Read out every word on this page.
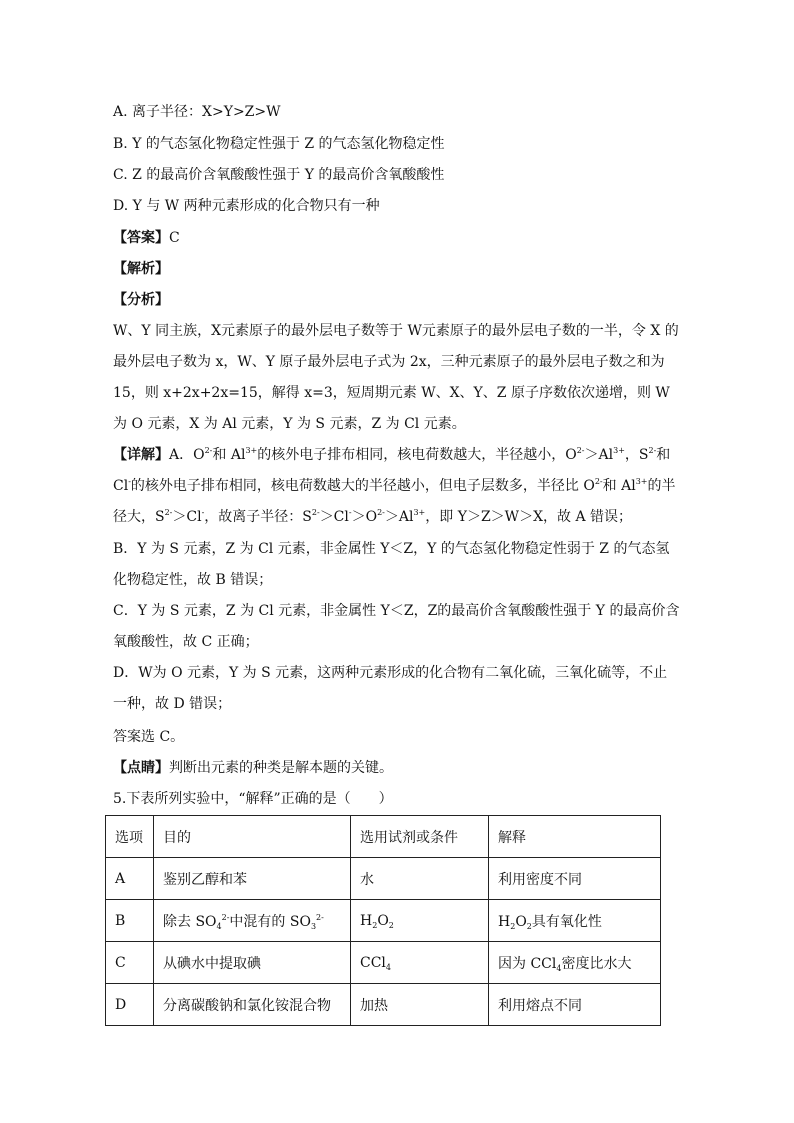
A. 离子半径：X>Y>Z>W
B. Y 的气态氢化物稳定性强于 Z 的气态氢化物稳定性
C. Z 的最高价含氧酸酸性强于 Y 的最高价含氧酸酸性
D. Y 与 W 两种元素形成的化合物只有一种
【答案】C
【解析】
【分析】
W、Y 同主族，X元素原子的最外层电子数等于 W元素原子的最外层电子数的一半，令 X 的最外层电子数为 x，W、Y 原子最外层电子式为 2x，三种元素原子的最外层电子数之和为 15，则 x+2x+2x=15，解得 x=3，短周期元素 W、X、Y、Z 原子序数依次递增，则 W为 O 元素，X 为 Al 元素，Y 为 S 元素，Z 为 Cl 元素。
【详解】A．$O^{2-}$和 $Al^{3+}$的核外电子排布相同，核电荷数越大，半径越小，$O^{2-}>Al^{3+}$，$S^{2-}$和 Cl-的核外电子排布相同，核电荷数越大的半径越小，但电子层数多，半径比 $O^{2-}$和 $Al^{3+}$的半径大，$S^{2-}>Cl^-$，故离子半径：$S^{2-}>Cl^->O^{2-}>Al^{3+}$，即 Y＞Z＞W＞X，故 A 错误；
B．Y 为 S 元素，Z 为 Cl 元素，非金属性 Y＜Z，Y 的气态氢化物稳定性弱于 Z 的气态氢化物稳定性，故 B 错误；
C．Y 为 S 元素，Z 为 Cl 元素，非金属性 Y＜Z，Z的最高价含氧酸酸性强于 Y 的最高价含氧酸酸性，故 C 正确；
D．W为 O 元素，Y 为 S 元素，这两种元素形成的化合物有二氧化硫，三氧化硫等，不止一种，故 D 错误；
答案选 C。
【点睛】判断出元素的种类是解本题的关键。
5.下表所列实验中，“解释”正确的是（　　）
选项	目的	选用试剂或条件	解释
A	鉴别乙醇和苯	水	利用密度不同
B	除去 $SO_4^{2-}$中混有的 $SO_3^{2-}$	$H_2O_2$	$H_2O_2$具有氧化性
C	从碘水中提取碘	CCl$_4$	因为 CCl$_4$密度比水大
D	分离碳酸钠和氯化铵混合物	加热	利用熔点不同
